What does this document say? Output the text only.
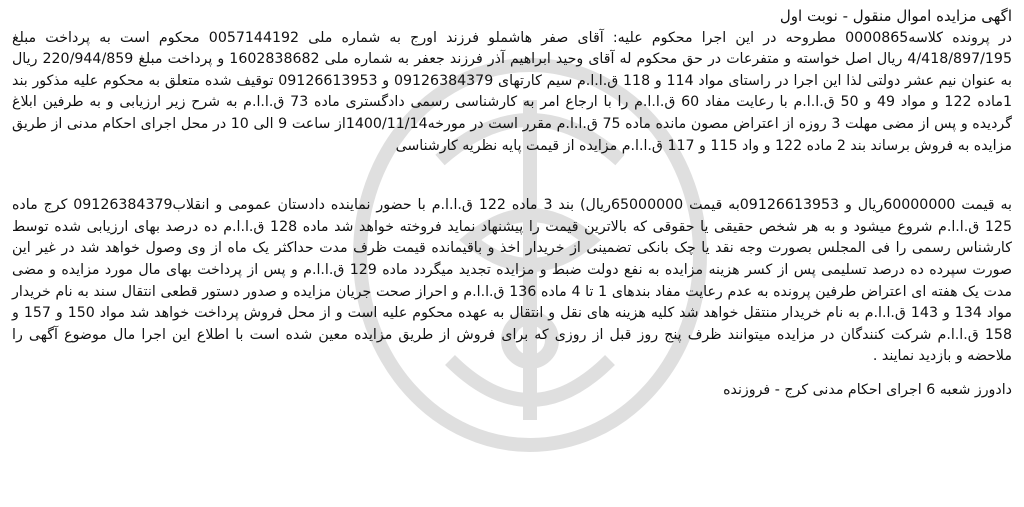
اگهی مزایده اموال منقول - نوبت اول

در پرونده کلاسه0000865 مطروحه در این اجرا محکوم علیه: آقای صفر هاشملو فرزند اورج به شماره ملی 0057144192 محکوم است به پرداخت مبلغ 4/418/897/195 ریال اصل خواسته و متفرعات در حق محکوم له آقای وحید ابراهیم آذر فرزند جعفر به شماره ملی 1602838682 و پرداخت مبلغ 220/944/859 ریال به عنوان نیم عشر دولتی لذا این اجرا در راستای مواد 114 و 118 ق.ا.ا.م سیم کارتهای 09126384379 و 09126613953 توقیف شده متعلق به محکوم علیه مذکور بند 1ماده 122 و مواد 49 و 50 ق.ا.ا.م با رعایت مفاد 60 ق.ا.ا.م را با ارجاع امر به کارشناسی رسمی دادگستری ماده 73 ق.ا.ا.م به شرح زیر ارزیابی و به طرفین ابلاغ گردیده و پس از مضی مهلت 3 روزه از اعتراض مصون مانده ماده 75 ق.ا.ا.م مقرر است در مورخه1400/11/14از ساعت 9 الی 10 در محل اجرای احکام مدنی از طریق مزایده به فروش برساند بند 2 ماده 122 و واد 115 و 117 ق.ا.ا.م مزایده از قیمت پایه نظریه کارشناسی

به قیمت 60000000ریال و 09126613953به قیمت 65000000ریال) بند 3 ماده 122 ق.ا.ا.م با حضور نماینده دادستان عمومی و انقلاب09126384379 کرج ماده 125 ق.ا.ا.م شروع میشود و به هر شخص حقیقی یا حقوقی که بالاترین قیمت را پیشنهاد نماید فروخته خواهد شد ماده 128 ق.ا.ا.م ده درصد بهای ارزیابی شده توسط کارشناس رسمی را فی المجلس بصورت وجه نقد یا چک بانکی تضمینی از خریدار اخذ و باقیمانده قیمت ظرف مدت حداکثر یک ماه از وی وصول خواهد شد در غیر این صورت سپرده ده درصد تسلیمی پس از کسر هزینه مزایده به نفع دولت ضبط و مزایده تجدید میگردد ماده 129 ق.ا.ا.م و پس از پرداخت بهای مال مورد مزایده و مضی مدت یک هفته ای اعتراض طرفین پرونده به عدم رعایت مفاد بندهای 1 تا 4 ماده 136 ق.ا.ا.م و احراز صحت جریان مزایده و صدور دستور قطعی انتقال سند به نام خریدار مواد 134 و 143 ق.ا.ا.م به نام خریدار منتقل خواهد شد کلیه هزینه های نقل و انتقال به عهده محکوم علیه است و از محل فروش پرداخت خواهد شد مواد 150 و 157 و 158 ق.ا.ا.م شرکت کنندگان در مزایده میتوانند ظرف پنج روز قبل از روزی که برای فروش از طریق مزایده معین شده است با اطلاع این اجرا مال موضوع آگهی را ملاحضه و بازدید نمایند .

دادورز شعبه 6 اجرای احکام مدنی کرج - فروزنده
